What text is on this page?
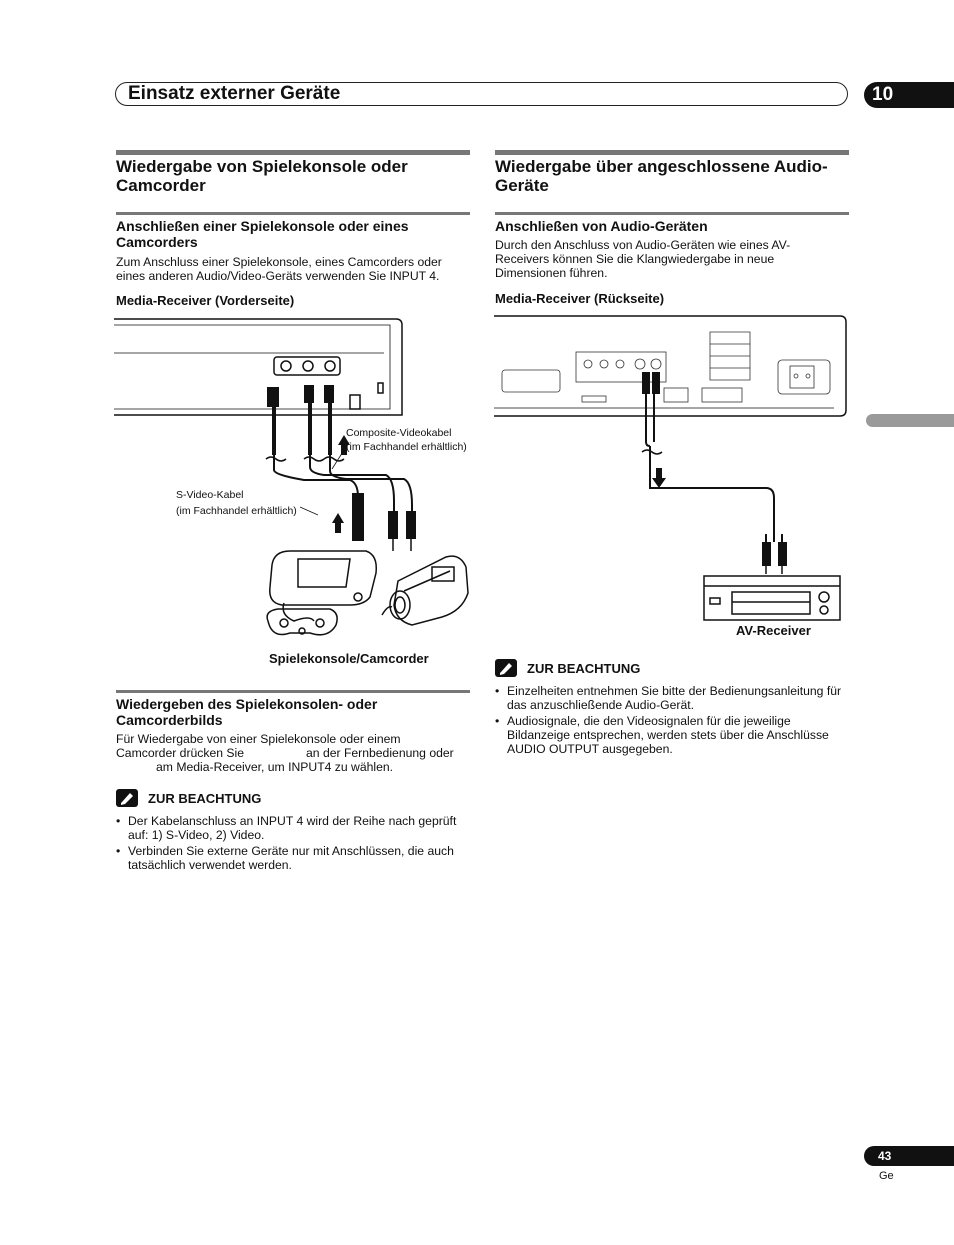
Einsatz externer Geräte	10
Wiedergabe von Spielekonsole oder Camcorder
Anschließen einer Spielekonsole oder eines Camcorders
Zum Anschluss einer Spielekonsole, eines Camcorders oder eines anderen Audio/Video-Geräts verwenden Sie INPUT 4.
Media-Receiver (Vorderseite)
Composite-Videokabel
(im Fachhandel erhältlich)
S-Video-Kabel
(im Fachhandel erhältlich)
Spielekonsole/Camcorder
Wiedergeben des Spielekonsolen- oder Camcorderbilds
Für Wiedergabe von einer Spielekonsole oder einem
Camcorder drücken Sie	an der Fernbedienung oder
am Media-Receiver, um INPUT4 zu wählen.
ZUR BEACHTUNG
• Der Kabelanschluss an INPUT 4 wird der Reihe nach geprüft auf: 1) S-Video, 2) Video.
• Verbinden Sie externe Geräte nur mit Anschlüssen, die auch tatsächlich verwendet werden.
Wiedergabe über angeschlossene Audio-Geräte
Anschließen von Audio-Geräten
Durch den Anschluss von Audio-Geräten wie eines AV-Receivers können Sie die Klangwiedergabe in neue Dimensionen führen.
Media-Receiver (Rückseite)
AV-Receiver
ZUR BEACHTUNG
• Einzelheiten entnehmen Sie bitte der Bedienungsanleitung für das anzuschließende Audio-Gerät.
• Audiosignale, die den Videosignalen für die jeweilige Bildanzeige entsprechen, werden stets über die Anschlüsse AUDIO OUTPUT ausgegeben.
43
Ge
